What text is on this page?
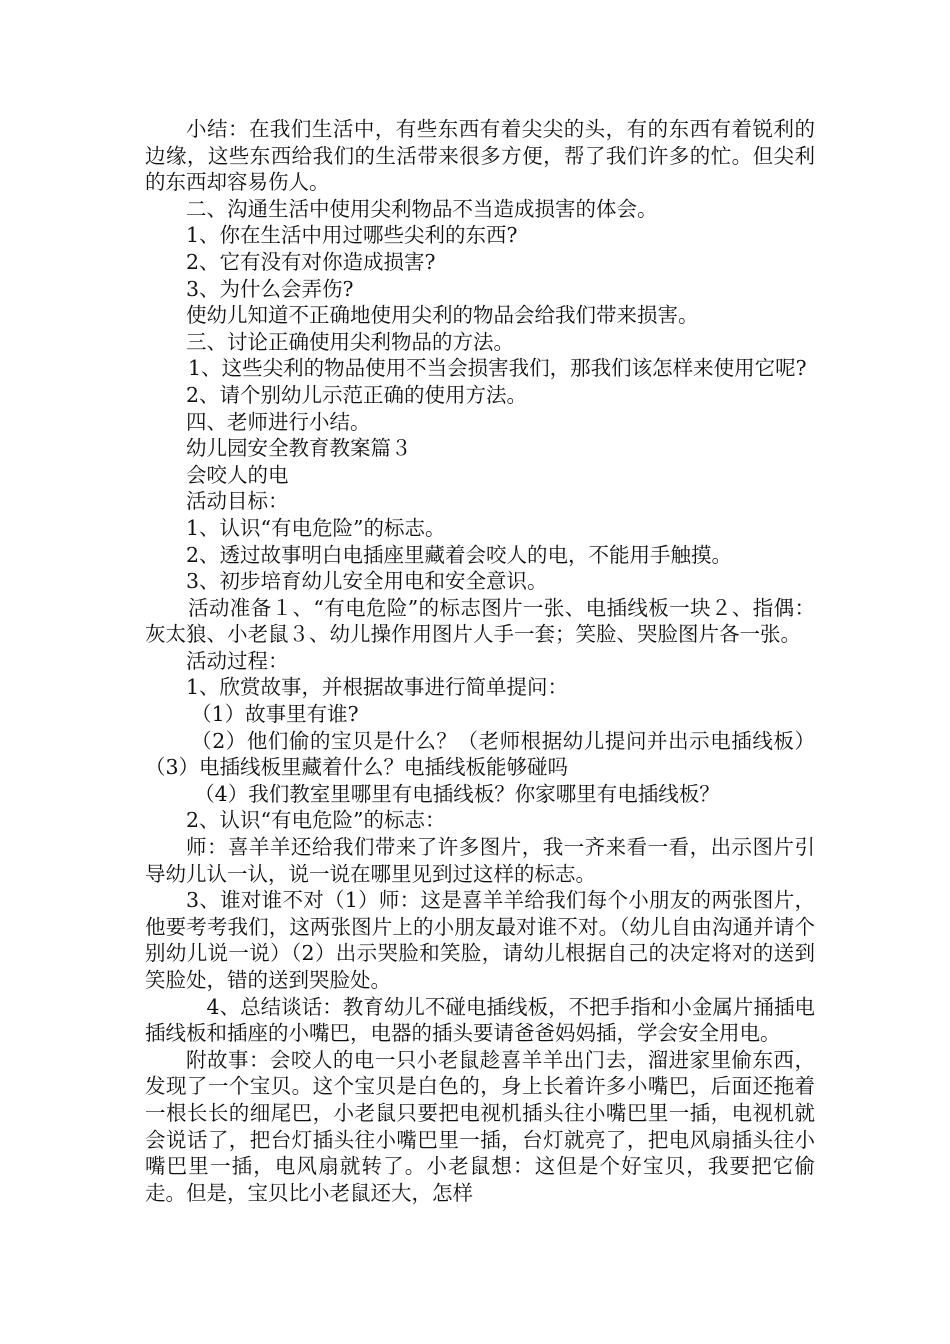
小结：在我们生活中，有些东西有着尖尖的头，有的东西有着锐利的边缘，这些东西给我们的生活带来很多方便，帮了我们许多的忙。但尖利的东西却容易伤人。

二、沟通生活中使用尖利物品不当造成损害的体会。

1、你在生活中用过哪些尖利的东西?

2、它有没有对你造成损害?

3、为什么会弄伤?

使幼儿知道不正确地使用尖利的物品会给我们带来损害。

三、讨论正确使用尖利物品的方法。

1、这些尖利的物品使用不当会损害我们，那我们该怎样来使用它呢?

2、请个别幼儿示范正确的使用方法。

四、老师进行小结。

幼儿园安全教育教案篇３

会咬人的电

活动目标：

1、认识“有电危险”的标志。

2、透过故事明白电插座里藏着会咬人的电，不能用手触摸。

3、初步培育幼儿安全用电和安全意识。

活动准备１、“有电危险”的标志图片一张、电插线板一块２、指偶：灰太狼、小老鼠３、幼儿操作用图片人手一套；笑脸、哭脸图片各一张。

活动过程：

1、欣赏故事，并根据故事进行简单提问：

（1）故事里有谁?

（2）他们偷的宝贝是什么？（老师根据幼儿提问并出示电插线板）（3）电插线板里藏着什么？电插线板能够碰吗

（4）我们教室里哪里有电插线板？你家哪里有电插线板？

2、认识“有电危险”的标志：

师：喜羊羊还给我们带来了许多图片，我一齐来看一看，出示图片引导幼儿认一认，说一说在哪里见到过这样的标志。

3、谁对谁不对（1）师：这是喜羊羊给我们每个小朋友的两张图片，他要考考我们，这两张图片上的小朋友最对谁不对。（幼儿自由沟通并请个别幼儿说一说）（2）出示哭脸和笑脸，请幼儿根据自己的决定将对的送到笑脸处，错的送到哭脸处。

4、总结谈话：教育幼儿不碰电插线板，不把手指和小金属片捅插电插线板和插座的小嘴巴，电器的插头要请爸爸妈妈插，学会安全用电。

附故事：会咬人的电一只小老鼠趁喜羊羊出门去，溜进家里偷东西，发现了一个宝贝。这个宝贝是白色的，身上长着许多小嘴巴，后面还拖着一根长长的细尾巴，小老鼠只要把电视机插头往小嘴巴里一插，电视机就会说话了，把台灯插头往小嘴巴里一插，台灯就亮了，把电风扇插头往小嘴巴里一插，电风扇就转了。小老鼠想：这但是个好宝贝，我要把它偷走。但是，宝贝比小老鼠还大，怎样
